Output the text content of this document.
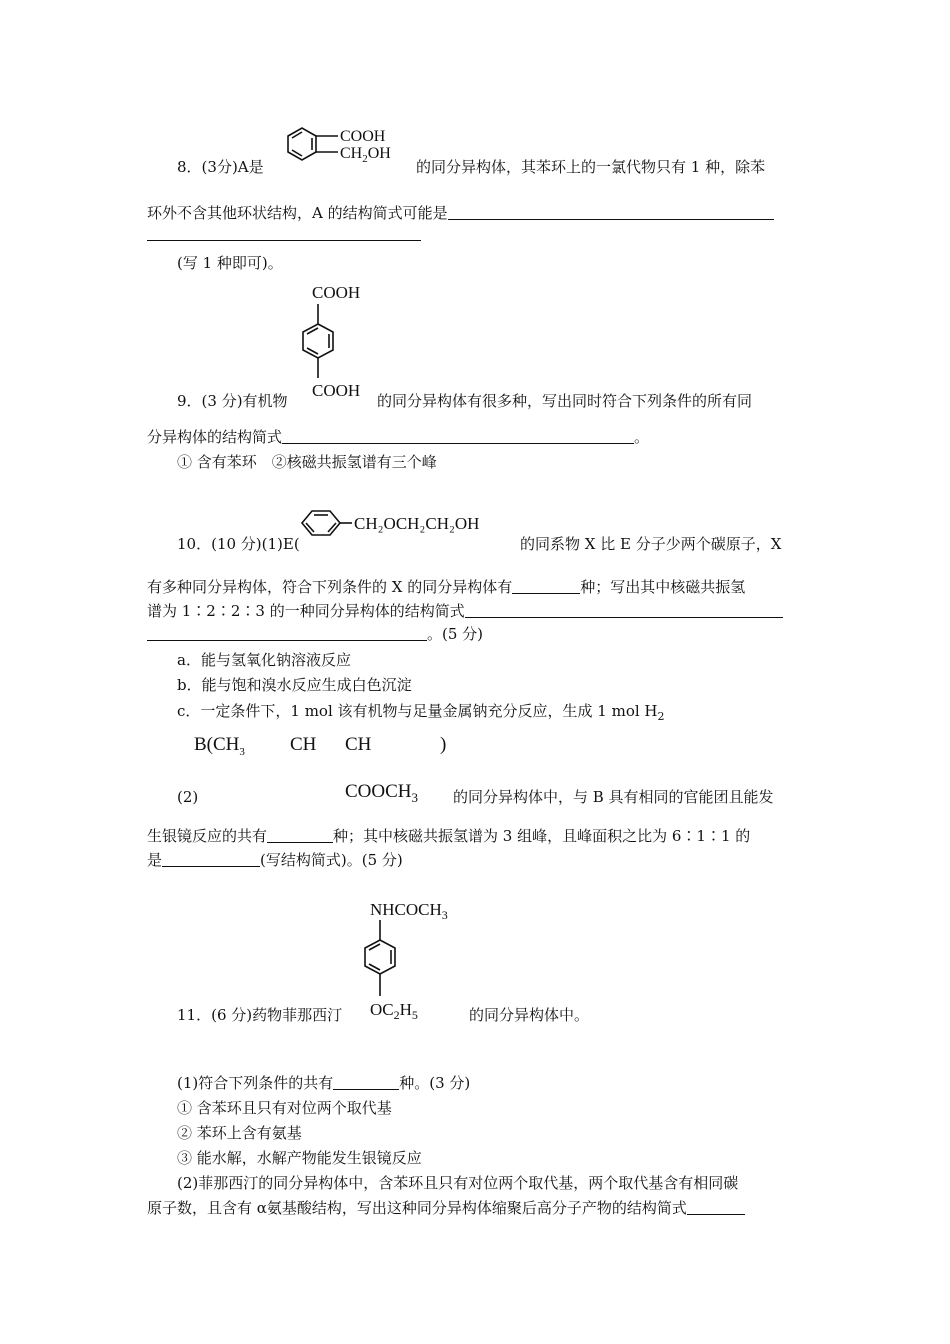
COOH
$CH_2OH$
8．(3分)A是	的同分异构体，其苯环上的一氯代物只有 1 种，除苯
环外不含其他环状结构，A 的结构简式可能是
(写 1 种即可)。
COOH
COOH
9．(3 分)有机物	的同分异构体有很多种，写出同时符合下列条件的所有同
分异构体的结构简式	。
① 含有苯环　②核磁共振氢谱有三个峰
CH₂OCH₂CH₂OH
10．(10 分)(1)E(	的同系物 X 比 E 分子少两个碳原子，X
有多种同分异构体，符合下列条件的 X 的同分异构体有	种；写出其中核磁共振氢
谱为 1∶2∶2∶3 的一种同分异构体的结构简式
。(5 分)
a．能与氢氧化钠溶液反应
b．能与饱和溴水反应生成白色沉淀
c．一定条件下，1 mol 该有机物与足量金属钠充分反应，生成 1 mol $H_2$
$B(CH_3$ CH CH	)
$COOCH_3$
(2)	的同分异构体中，与 B 具有相同的官能团且能发
生银镜反应的共有	种；其中核磁共振氢谱为 3 组峰，且峰面积之比为 6∶1∶1 的
是	(写结构简式)。(5 分)
$NHCOCH_3$
$OC_2H_5$
11．(6 分)药物菲那西汀	的同分异构体中。
(1)符合下列条件的共有	种。(3 分)
① 含苯环且只有对位两个取代基
② 苯环上含有氨基
③ 能水解，水解产物能发生银镜反应
(2)菲那西汀的同分异构体中，含苯环且只有对位两个取代基，两个取代基含有相同碳
原子数，且含有 α氨基酸结构，写出这种同分异构体缩聚后高分子产物的结构简式
